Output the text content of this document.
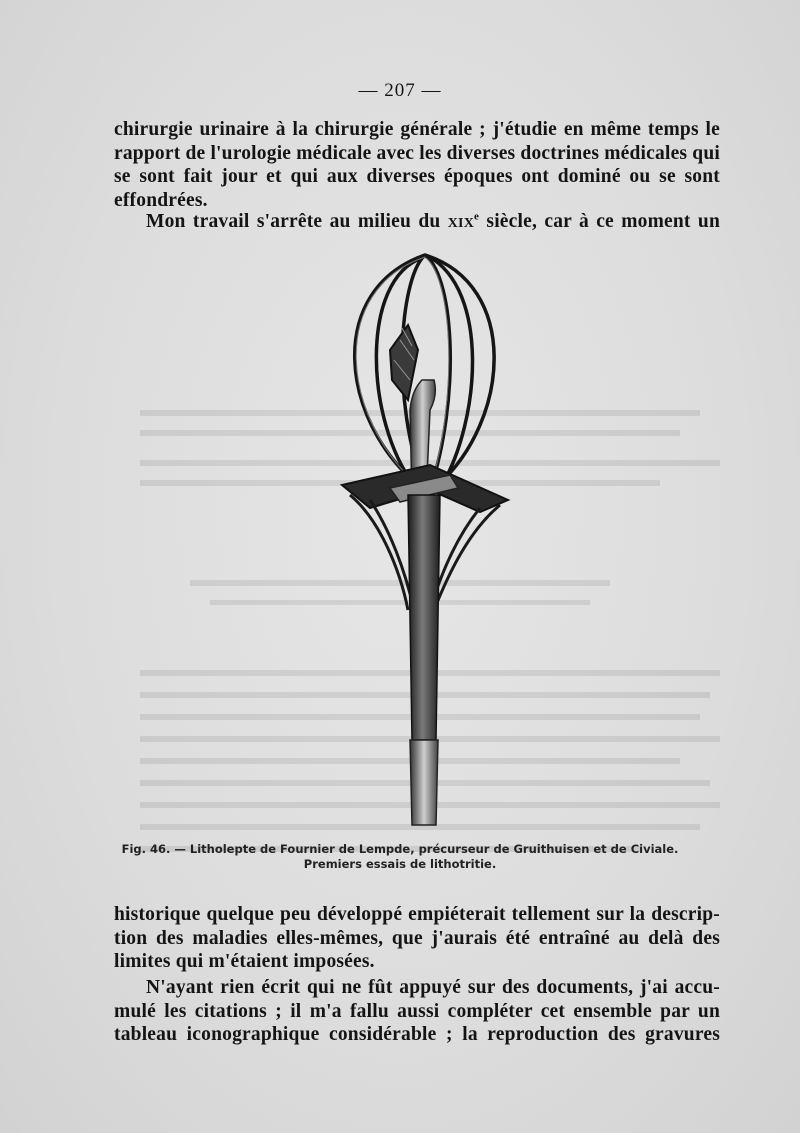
— 207 —
chirurgie urinaire à la chirurgie générale ; j'étudie en même temps le
rapport de l'urologie médicale avec les diverses doctrines médicales qui
se sont fait jour et qui aux diverses époques ont dominé ou se sont
effondrées.
Mon travail s'arrête au milieu du xix$^e$ siècle, car à ce moment un
Fig. 46. — Litholepte de Fournier de Lempde, précurseur de Gruithuisen et de Civiale.
Premiers essais de lithotritie.
historique quelque peu développé empiéterait tellement sur la descrip-
tion des maladies elles-mêmes, que j'aurais été entraîné au delà des
limites qui m'étaient imposées.
N'ayant rien écrit qui ne fût appuyé sur des documents, j'ai accu-
mulé les citations ; il m'a fallu aussi compléter cet ensemble par un
tableau iconographique considérable ; la reproduction des gravures
